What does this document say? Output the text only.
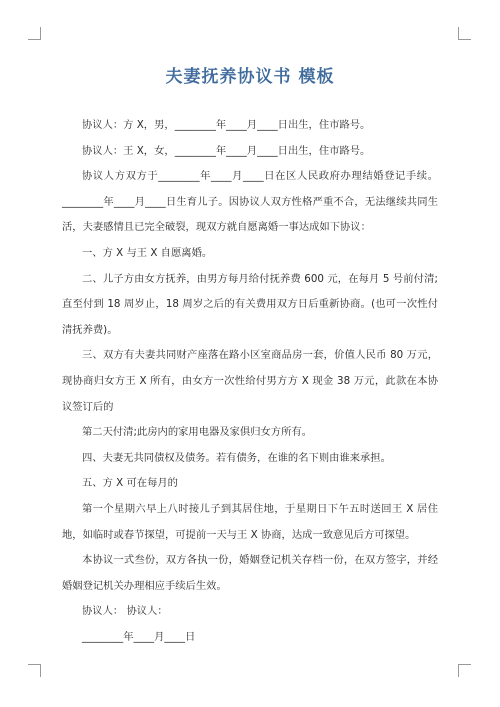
夫妻抚养协议书 模板

协议人：方 X，男，________年____月____日出生，住市路号。

协议人：王 X，女，________年____月____日出生，住市路号。

协议人方双方于________年____月____日在区人民政府办理结婚登记手续。________年____月____日生育儿子。因协议人双方性格严重不合，无法继续共同生活，夫妻感情且已完全破裂，现双方就自愿离婚一事达成如下协议：

一、方 X 与王 X 自愿离婚。

二、儿子方由女方抚养，由男方每月给付抚养费 600 元，在每月 5 号前付清;直至付到 18 周岁止，18 周岁之后的有关费用双方日后重新协商。(也可一次性付清抚养费)。

三、双方有夫妻共同财产座落在路小区室商品房一套，价值人民币 80 万元，现协商归女方王 X 所有，由女方一次性给付男方方 X 现金 38 万元，此款在本协议签订后的

第二天付清;此房内的家用电器及家俱归女方所有。

四、夫妻无共同债权及债务。若有债务，在谁的名下则由谁来承担。

五、方 X 可在每月的

第一个星期六早上八时接儿子到其居住地，于星期日下午五时送回王 X 居住地，如临时或春节探望，可提前一天与王 X 协商，达成一致意见后方可探望。

本协议一式叁份，双方各执一份，婚姻登记机关存档一份，在双方签字，并经婚姻登记机关办理相应手续后生效。

协议人： 协议人：

________年____月____日
